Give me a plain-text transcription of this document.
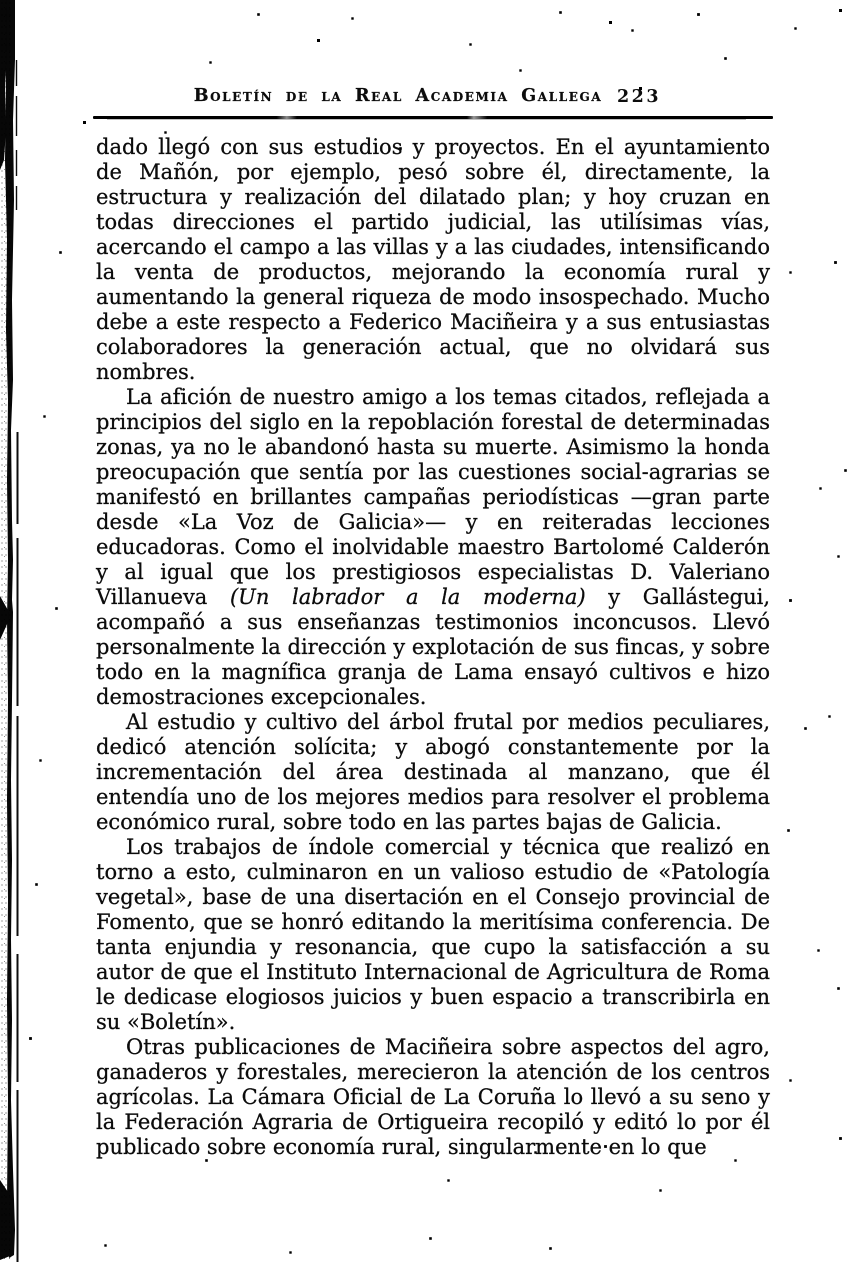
Boletín de la Real Academia Gallega 223

dado llegó con sus estudios y proyectos. En el ayuntamiento de Mañón, por ejemplo, pesó sobre él, directamente, la estructura y realización del dilatado plan; y hoy cruzan en todas direcciones el partido judicial, las utilísimas vías, acercando el campo a las villas y a las ciudades, intensificando la venta de productos, mejorando la economía rural y aumentando la general riqueza de modo insospechado. Mucho debe a este respecto a Federico Maciñeira y a sus entusiastas colaboradores la generación actual, que no olvidará sus nombres.

La afición de nuestro amigo a los temas citados, reflejada a principios del siglo en la repoblación forestal de determinadas zonas, ya no le abandonó hasta su muerte. Asimismo la honda preocupación que sentía por las cuestiones social-agrarias se manifestó en brillantes campañas periodísticas —gran parte desde «La Voz de Galicia»— y en reiteradas lecciones educadoras. Como el inolvidable maestro Bartolomé Calderón y al igual que los prestigiosos especialistas D. Valeriano Villanueva (Un labrador a la moderna) y Gallástegui, acompañó a sus enseñanzas testimonios inconcusos. Llevó personalmente la dirección y explotación de sus fincas, y sobre todo en la magnífica granja de Lama ensayó cultivos e hizo demostraciones excepcionales.

Al estudio y cultivo del árbol frutal por medios peculiares, dedicó atención solícita; y abogó constantemente por la incrementación del área destinada al manzano, que él entendía uno de los mejores medios para resolver el problema económico rural, sobre todo en las partes bajas de Galicia.

Los trabajos de índole comercial y técnica que realizó en torno a esto, culminaron en un valioso estudio de «Patología vegetal», base de una disertación en el Consejo provincial de Fomento, que se honró editando la meritísima conferencia. De tanta enjundia y resonancia, que cupo la satisfacción a su autor de que el Instituto Internacional de Agricultura de Roma le dedicase elogiosos juicios y buen espacio a transcribirla en su «Boletín».

Otras publicaciones de Maciñeira sobre aspectos del agro, ganaderos y forestales, merecieron la atención de los centros agrícolas. La Cámara Oficial de La Coruña lo llevó a su seno y la Federación Agraria de Ortigueira recopiló y editó lo por él publicado sobre economía rural, singularmente en lo que
